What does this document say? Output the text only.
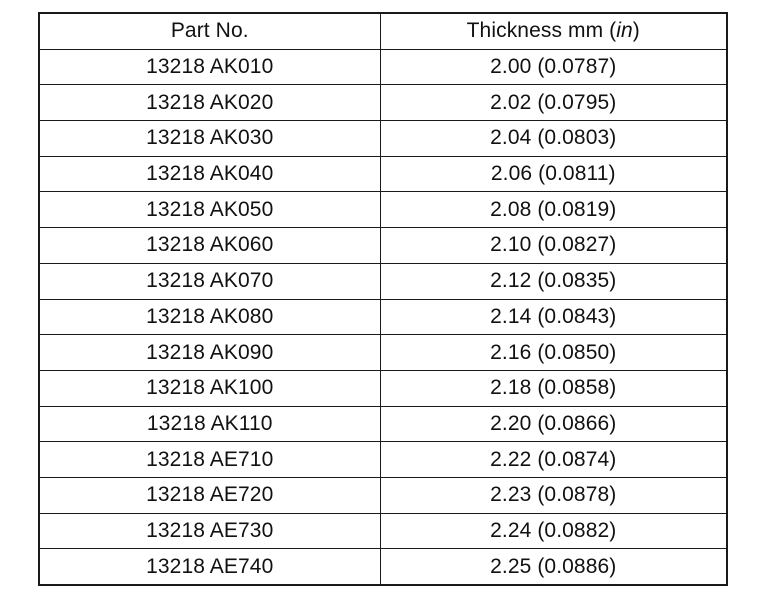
Part No.	Thickness mm (in)
13218 AK010	2.00 (0.0787)
13218 AK020	2.02 (0.0795)
13218 AK030	2.04 (0.0803)
13218 AK040	2.06 (0.0811)
13218 AK050	2.08 (0.0819)
13218 AK060	2.10 (0.0827)
13218 AK070	2.12 (0.0835)
13218 AK080	2.14 (0.0843)
13218 AK090	2.16 (0.0850)
13218 AK100	2.18 (0.0858)
13218 AK110	2.20 (0.0866)
13218 AE710	2.22 (0.0874)
13218 AE720	2.23 (0.0878)
13218 AE730	2.24 (0.0882)
13218 AE740	2.25 (0.0886)
